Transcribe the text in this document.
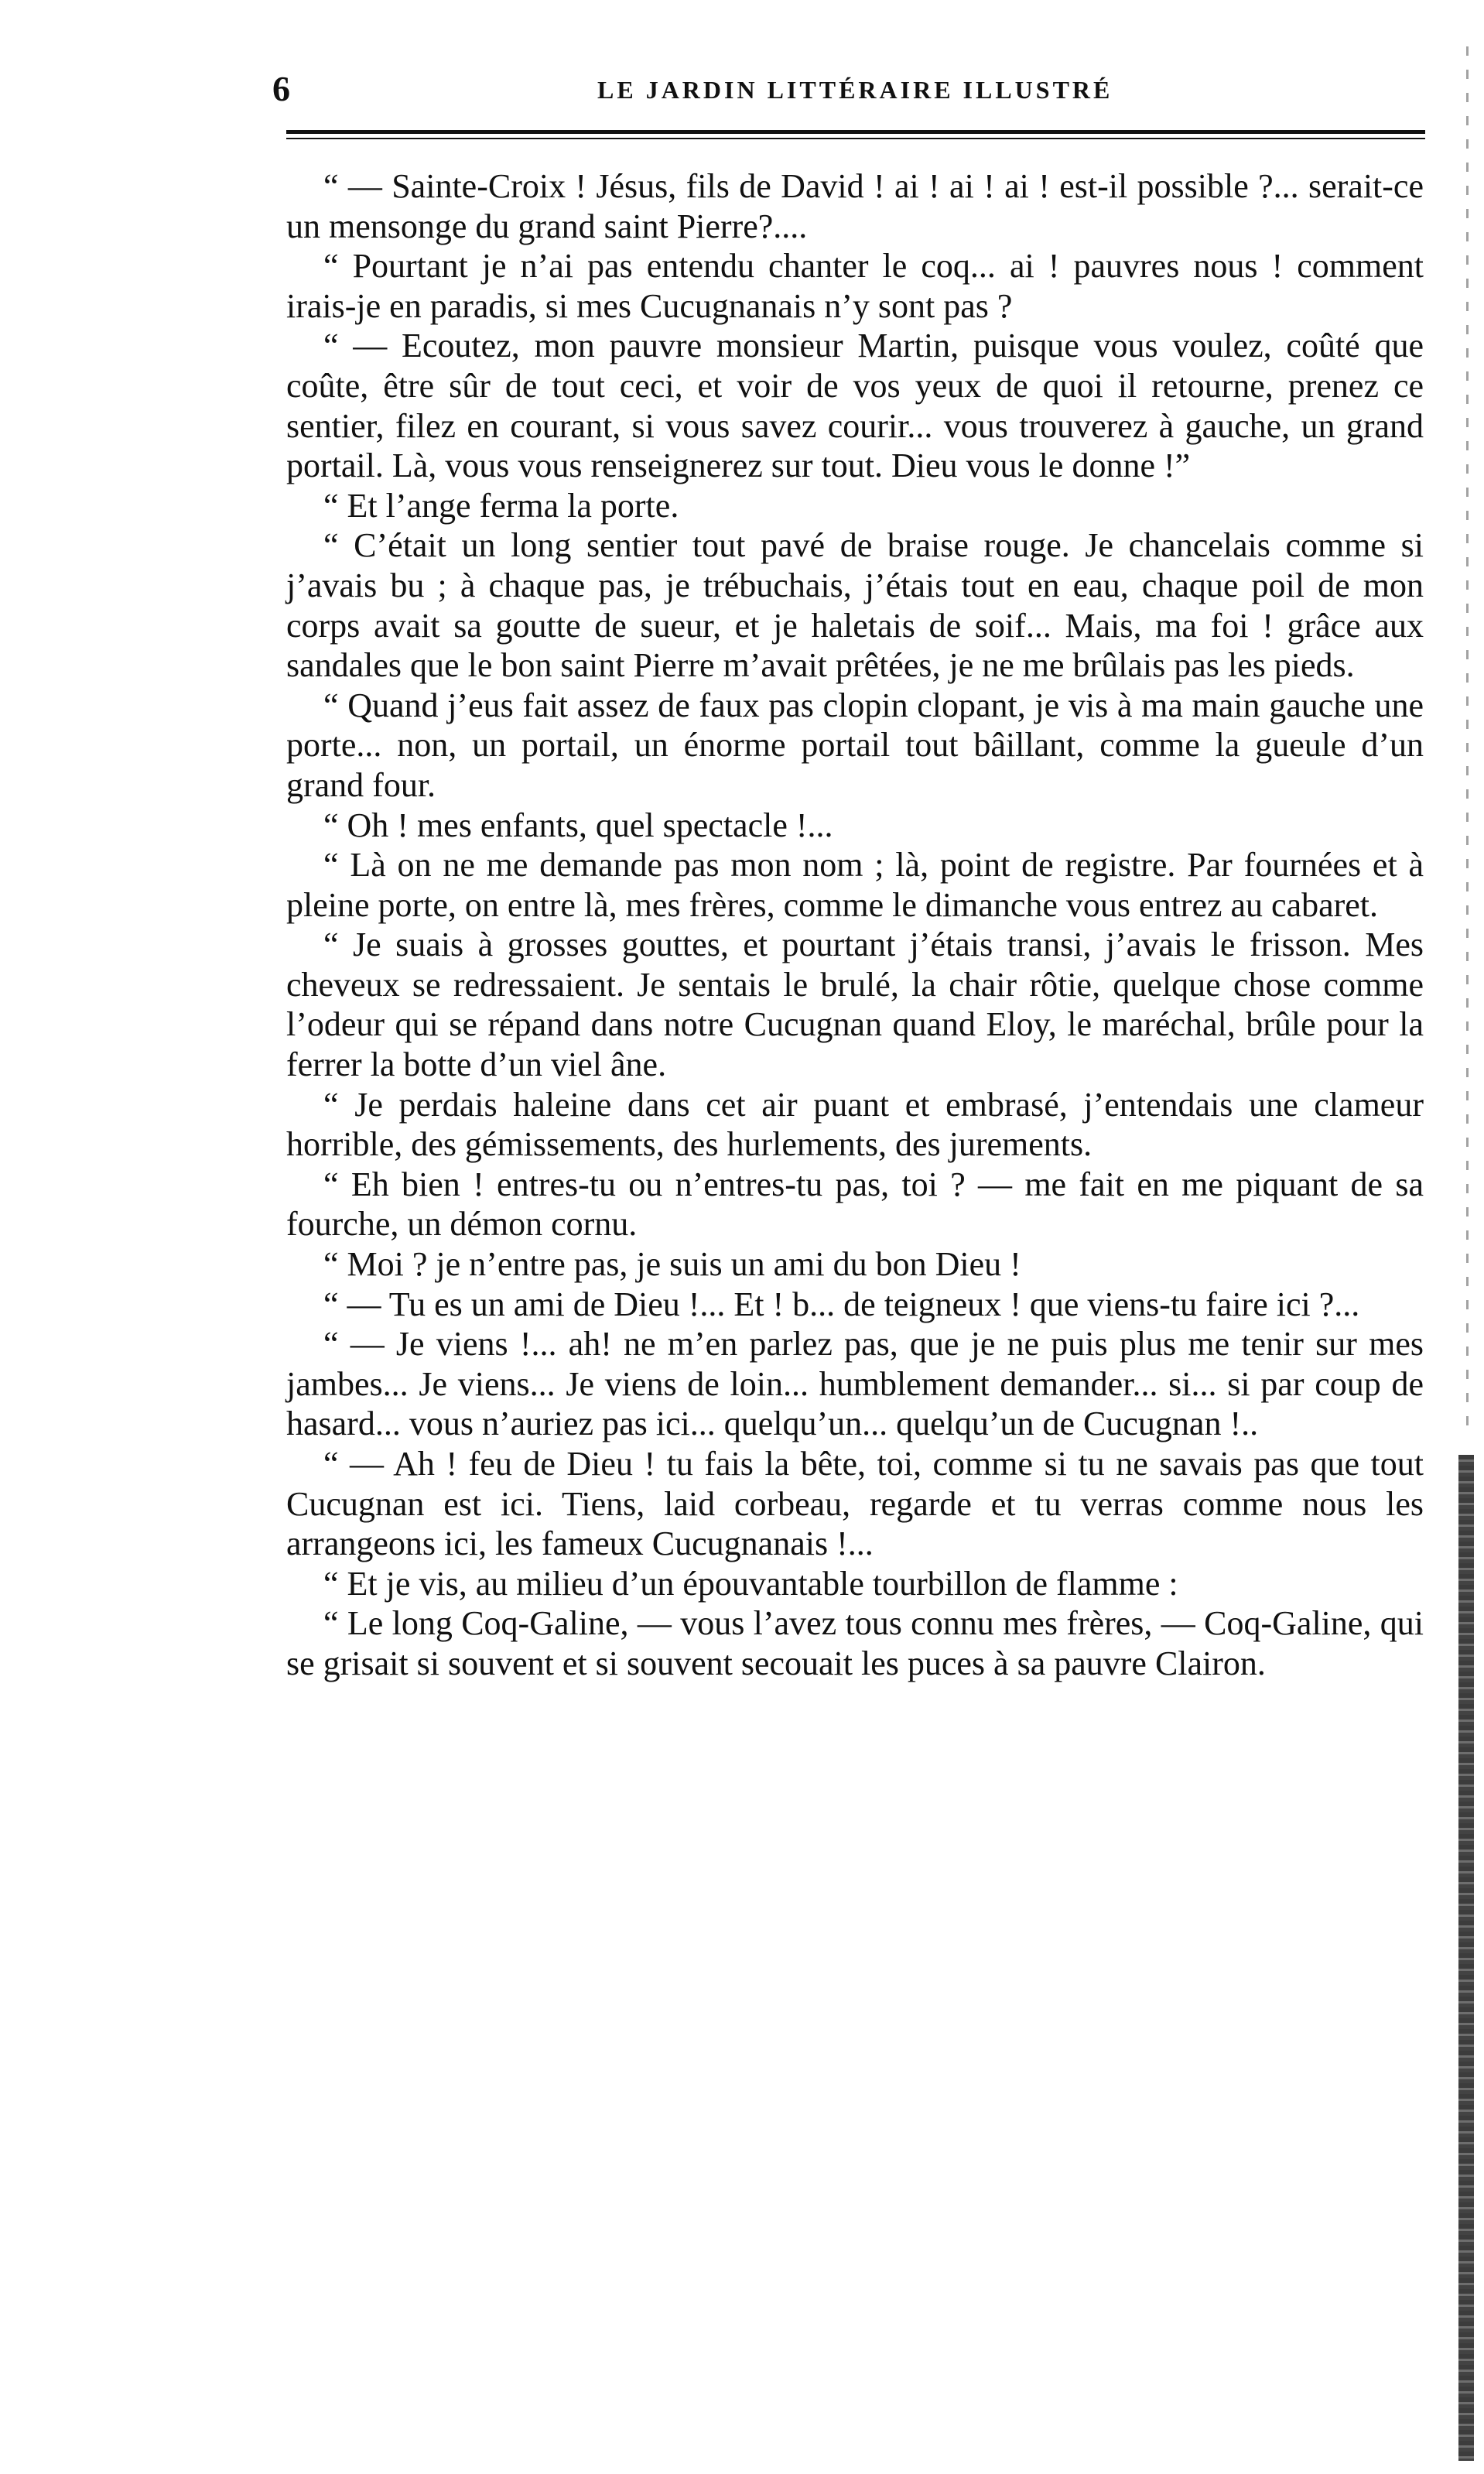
6	LE JARDIN LITTÉRAIRE ILLUSTRÉ

“ — Sainte-Croix ! Jésus, fils de David ! ai ! ai ! ai ! est-il possible ?... serait-ce un mensonge du grand saint Pierre?....

“ Pourtant je n’ai pas entendu chanter le coq... ai ! pauvres nous ! comment irais-je en paradis, si mes Cucugnanais n’y sont pas ?

“ — Ecoutez, mon pauvre monsieur Martin, puisque vous voulez, coûté que coûte, être sûr de tout ceci, et voir de vos yeux de quoi il retourne, prenez ce sentier, filez en courant, si vous savez courir... vous trouverez à gauche, un grand portail. Là, vous vous renseignerez sur tout. Dieu vous le donne !”

“ Et l’ange ferma la porte.

“ C’était un long sentier tout pavé de braise rouge. Je chancelais comme si j’avais bu ; à chaque pas, je trébuchais, j’étais tout en eau, chaque poil de mon corps avait sa goutte de sueur, et je haletais de soif... Mais, ma foi ! grâce aux sandales que le bon saint Pierre m’avait prêtées, je ne me brûlais pas les pieds.

“ Quand j’eus fait assez de faux pas clopin clopant, je vis à ma main gauche une porte... non, un portail, un énorme portail tout bâillant, comme la gueule d’un grand four.

“ Oh ! mes enfants, quel spectacle !...

“ Là on ne me demande pas mon nom ; là, point de registre. Par fournées et à pleine porte, on entre là, mes frères, comme le dimanche vous entrez au cabaret.

“ Je suais à grosses gouttes, et pourtant j’étais transi, j’avais le frisson. Mes cheveux se redressaient. Je sentais le brulé, la chair rôtie, quelque chose comme l’odeur qui se répand dans notre Cucugnan quand Eloy, le maréchal, brûle pour la ferrer la botte d’un viel âne.

“ Je perdais haleine dans cet air puant et embrasé, j’entendais une clameur horrible, des gémissements, des hurlements, des jurements.

“ Eh bien ! entres-tu ou n’entres-tu pas, toi ? — me fait en me piquant de sa fourche, un démon cornu.

“ Moi ? je n’entre pas, je suis un ami du bon Dieu !

“ — Tu es un ami de Dieu !... Et ! b... de teigneux ! que viens-tu faire ici ?...

“ — Je viens !... ah! ne m’en parlez pas, que je ne puis plus me tenir sur mes jambes... Je viens... Je viens de loin... humblement demander... si... si par coup de hasard... vous n’auriez pas ici... quelqu’un... quelqu’un de Cucugnan !..

“ — Ah ! feu de Dieu ! tu fais la bête, toi, comme si tu ne savais pas que tout Cucugnan est ici. Tiens, laid corbeau, regarde et tu verras comme nous les arrangeons ici, les fameux Cucugnanais !...

“ Et je vis, au milieu d’un épouvantable tourbillon de flamme :

“ Le long Coq-Galine, — vous l’avez tous connu mes frères, — Coq-Galine, qui se grisait si souvent et si souvent secouait les puces à sa pauvre Clairon.
